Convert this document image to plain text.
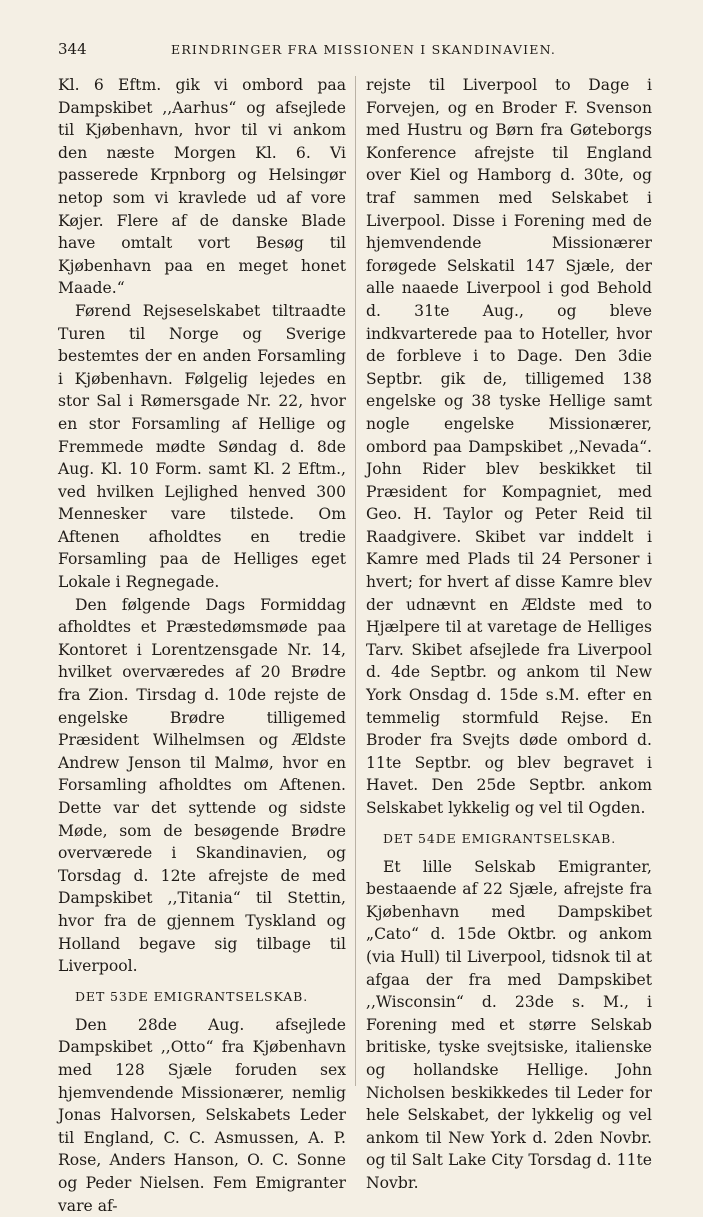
344	ERINDRINGER FRA MISSIONEN I SKANDINAVIEN.

Kl. 6 Eftm. gik vi ombord paa Dampskibet ,,Aarhus“ og afsejlede til Kjøbenhavn, hvor til vi ankom den næste Morgen Kl. 6. Vi passerede Krpnborg og Helsingør netop som vi kravlede ud af vore Køjer. Flere af de danske Blade have omtalt vort Besøg til Kjøbenhavn paa en meget honet Maade.“

Førend Rejseselskabet tiltraadte Turen til Norge og Sverige bestemtes der en anden Forsamling i Kjøbenhavn. Følgelig lejedes en stor Sal i Rømersgade Nr. 22, hvor en stor Forsamling af Hellige og Fremmede mødte Søndag d. 8de Aug. Kl. 10 Form. samt Kl. 2 Eftm., ved hvilken Lejlighed henved 300 Mennesker vare tilstede. Om Aftenen afholdtes en tredie Forsamling paa de Helliges eget Lokale i Regnegade.

Den følgende Dags Formiddag afholdtes et Præstedømsmøde paa Kontoret i Lorentzensgade Nr. 14, hvilket overværedes af 20 Brødre fra Zion. Tirsdag d. 10de rejste de engelske Brødre tilligemed Præsident Wilhelmsen og Ældste Andrew Jenson til Malmø, hvor en Forsamling afholdtes om Aftenen. Dette var det syttende og sidste Møde, som de besøgende Brødre overværede i Skandinavien, og Torsdag d. 12te afrejste de med Dampskibet ,,Titania“ til Stettin, hvor fra de gjennem Tyskland og Holland begave sig tilbage til Liverpool.

DET 53DE EMIGRANTSELSKAB.

Den 28de Aug. afsejlede Dampskibet ,,Otto“ fra Kjøbenhavn med 128 Sjæle foruden sex hjemvendende Missionærer, nemlig Jonas Halvorsen, Selskabets Leder til England, C. C. Asmussen, A. P. Rose, Anders Hanson, O. C. Sonne og Peder Nielsen. Fem Emigranter vare af-

rejste til Liverpool to Dage i Forvejen, og en Broder F. Svenson med Hustru og Børn fra Gøteborgs Konference afrejste til England over Kiel og Hamborg d. 30te, og traf sammen med Selskabet i Liverpool. Disse i Forening med de hjemvendende Missionærer forøgede Selskatil 147 Sjæle, der alle naaede Liverpool i god Behold d. 31te Aug., og bleve indkvarterede paa to Hoteller, hvor de forbleve i to Dage. Den 3die Septbr. gik de, tilligemed 138 engelske og 38 tyske Hellige samt nogle engelske Missionærer, ombord paa Dampskibet ,,Nevada“. John Rider blev beskikket til Præsident for Kompagniet, med Geo. H. Taylor og Peter Reid til Raadgivere. Skibet var inddelt i Kamre med Plads til 24 Personer i hvert; for hvert af disse Kamre blev der udnævnt en Ældste med to Hjælpere til at varetage de Helliges Tarv. Skibet afsejlede fra Liverpool d. 4de Septbr. og ankom til New York Onsdag d. 15de s.M. efter en temmelig stormfuld Rejse. En Broder fra Svejts døde ombord d. 11te Septbr. og blev begravet i Havet. Den 25de Septbr. ankom Selskabet lykkelig og vel til Ogden.

DET 54DE EMIGRANTSELSKAB.

Et lille Selskab Emigranter, bestaaende af 22 Sjæle, afrejste fra Kjøbenhavn med Dampskibet „Cato“ d. 15de Oktbr. og ankom (via Hull) til Liverpool, tidsnok til at afgaa der fra med Dampskibet ,,Wisconsin“ d. 23de s. M., i Forening med et større Selskab britiske, tyske svejtsiske, italienske og hollandske Hellige. John Nicholsen beskikkedes til Leder for hele Selskabet, der lykkelig og vel ankom til New York d. 2den Novbr. og til Salt Lake City Torsdag d. 11te Novbr.
